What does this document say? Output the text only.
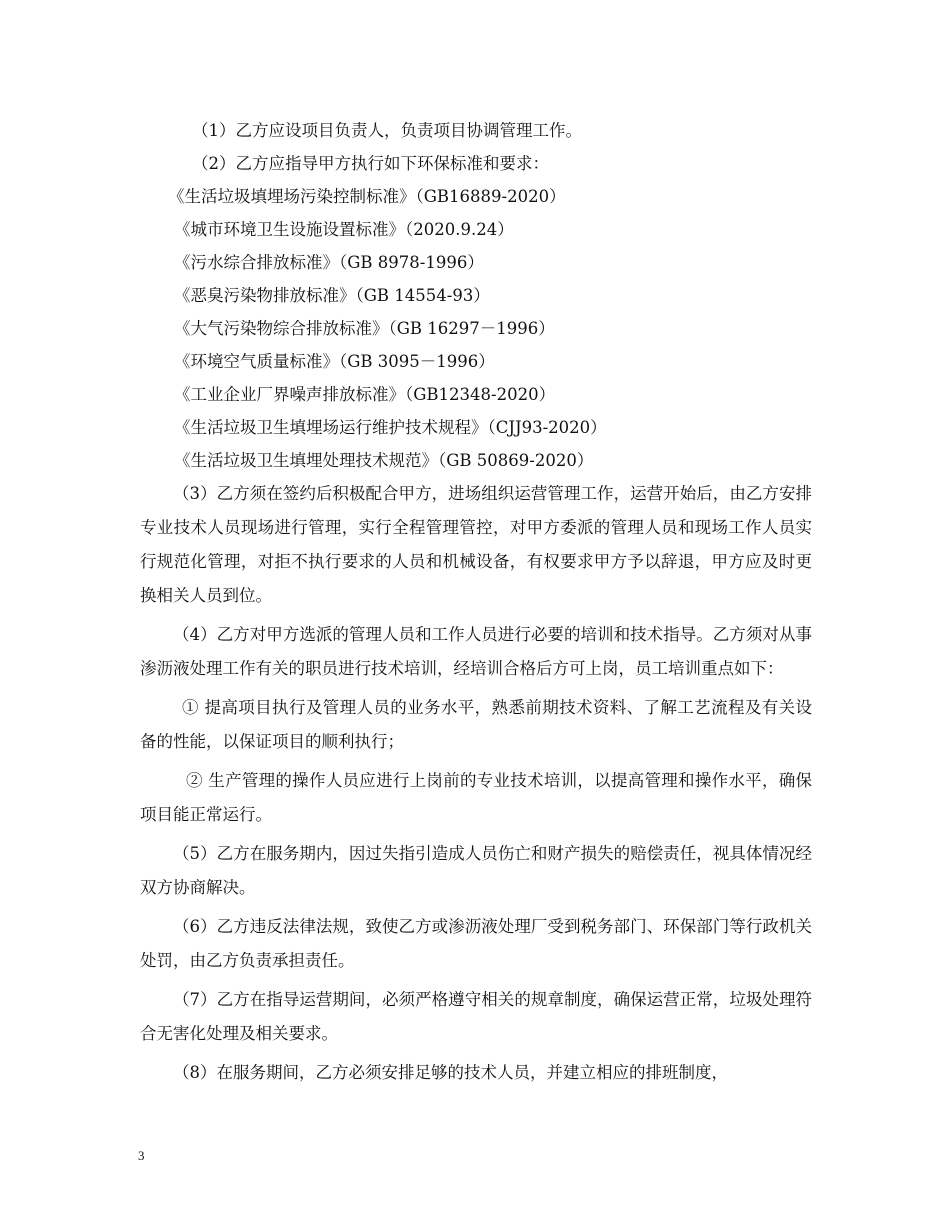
（1）乙方应设项目负责人，负责项目协调管理工作。
（2）乙方应指导甲方执行如下环保标准和要求：
《生活垃圾填埋场污染控制标准》（GB16889-2020）
《城市环境卫生设施设置标准》（2020.9.24）
《污水综合排放标准》（GB 8978-1996）
《恶臭污染物排放标准》（GB 14554-93）
《大气污染物综合排放标准》（GB 16297－1996）
《环境空气质量标准》（GB 3095－1996）
《工业企业厂界噪声排放标准》（GB12348-2020）
《生活垃圾卫生填埋场运行维护技术规程》（CJJ93-2020）
《生活垃圾卫生填埋处理技术规范》（GB 50869-2020）

（3）乙方须在签约后积极配合甲方，进场组织运营管理工作，运营开始后，由乙方安排专业技术人员现场进行管理，实行全程管理管控，对甲方委派的管理人员和现场工作人员实行规范化管理，对拒不执行要求的人员和机械设备，有权要求甲方予以辞退，甲方应及时更换相关人员到位。

（4）乙方对甲方选派的管理人员和工作人员进行必要的培训和技术指导。乙方须对从事渗沥液处理工作有关的职员进行技术培训，经培训合格后方可上岗，员工培训重点如下：

① 提高项目执行及管理人员的业务水平，熟悉前期技术资料、了解工艺流程及有关设备的性能，以保证项目的顺利执行；

② 生产管理的操作人员应进行上岗前的专业技术培训，以提高管理和操作水平，确保项目能正常运行。

（5）乙方在服务期内，因过失指引造成人员伤亡和财产损失的赔偿责任，视具体情况经双方协商解决。

（6）乙方违反法律法规，致使乙方或渗沥液处理厂受到税务部门、环保部门等行政机关处罚，由乙方负责承担责任。

（7）乙方在指导运营期间，必须严格遵守相关的规章制度，确保运营正常，垃圾处理符合无害化处理及相关要求。

（8）在服务期间，乙方必须安排足够的技术人员，并建立相应的排班制度，

3
